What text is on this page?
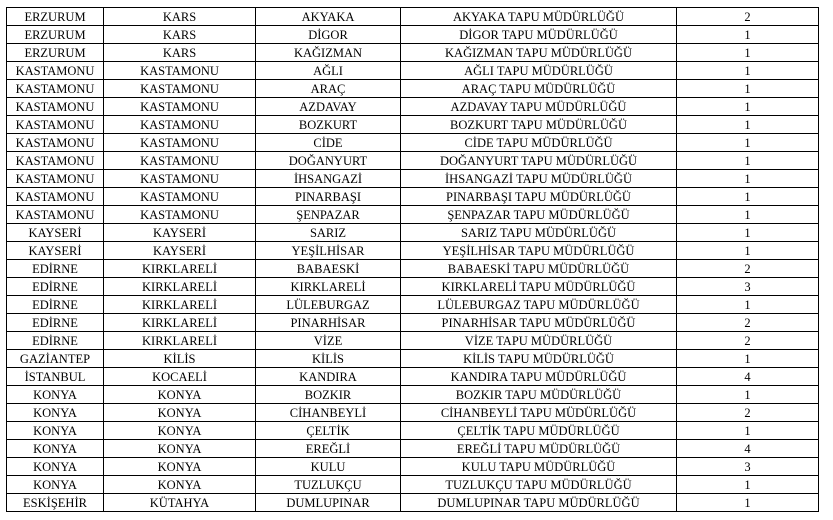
ERZURUM	KARS	AKYAKA	AKYAKA TAPU MÜDÜRLÜĞÜ	2
ERZURUM	KARS	DİGOR	DİGOR TAPU MÜDÜRLÜĞÜ	1
ERZURUM	KARS	KAĞIZMAN	KAĞIZMAN TAPU MÜDÜRLÜĞÜ	1
KASTAMONU	KASTAMONU	AĞLI	AĞLI TAPU MÜDÜRLÜĞÜ	1
KASTAMONU	KASTAMONU	ARAÇ	ARAÇ TAPU MÜDÜRLÜĞÜ	1
KASTAMONU	KASTAMONU	AZDAVAY	AZDAVAY TAPU MÜDÜRLÜĞÜ	1
KASTAMONU	KASTAMONU	BOZKURT	BOZKURT TAPU MÜDÜRLÜĞÜ	1
KASTAMONU	KASTAMONU	CİDE	CİDE TAPU MÜDÜRLÜĞÜ	1
KASTAMONU	KASTAMONU	DOĞANYURT	DOĞANYURT TAPU MÜDÜRLÜĞÜ	1
KASTAMONU	KASTAMONU	İHSANGAZİ	İHSANGAZİ TAPU MÜDÜRLÜĞÜ	1
KASTAMONU	KASTAMONU	PINARBAŞI	PINARBAŞI TAPU MÜDÜRLÜĞÜ	1
KASTAMONU	KASTAMONU	ŞENPAZAR	ŞENPAZAR TAPU MÜDÜRLÜĞÜ	1
KAYSERİ	KAYSERİ	SARIZ	SARIZ TAPU MÜDÜRLÜĞÜ	1
KAYSERİ	KAYSERİ	YEŞİLHİSAR	YEŞİLHİSAR TAPU MÜDÜRLÜĞÜ	1
EDİRNE	KIRKLARELİ	BABAESKİ	BABAESKİ TAPU MÜDÜRLÜĞÜ	2
EDİRNE	KIRKLARELİ	KIRKLARELİ	KIRKLARELİ TAPU MÜDÜRLÜĞÜ	3
EDİRNE	KIRKLARELİ	LÜLEBURGAZ	LÜLEBURGAZ TAPU MÜDÜRLÜĞÜ	1
EDİRNE	KIRKLARELİ	PINARHİSAR	PINARHİSAR TAPU MÜDÜRLÜĞÜ	2
EDİRNE	KIRKLARELİ	VİZE	VİZE TAPU MÜDÜRLÜĞÜ	2
GAZİANTEP	KİLİS	KİLİS	KİLİS TAPU MÜDÜRLÜĞÜ	1
İSTANBUL	KOCAELİ	KANDIRA	KANDIRA TAPU MÜDÜRLÜĞÜ	4
KONYA	KONYA	BOZKIR	BOZKIR TAPU MÜDÜRLÜĞÜ	1
KONYA	KONYA	CİHANBEYLİ	CİHANBEYLİ TAPU MÜDÜRLÜĞÜ	2
KONYA	KONYA	ÇELTİK	ÇELTİK TAPU MÜDÜRLÜĞÜ	1
KONYA	KONYA	EREĞLİ	EREĞLİ TAPU MÜDÜRLÜĞÜ	4
KONYA	KONYA	KULU	KULU TAPU MÜDÜRLÜĞÜ	3
KONYA	KONYA	TUZLUKÇU	TUZLUKÇU TAPU MÜDÜRLÜĞÜ	1
ESKİŞEHİR	KÜTAHYA	DUMLUPINAR	DUMLUPINAR TAPU MÜDÜRLÜĞÜ	1
